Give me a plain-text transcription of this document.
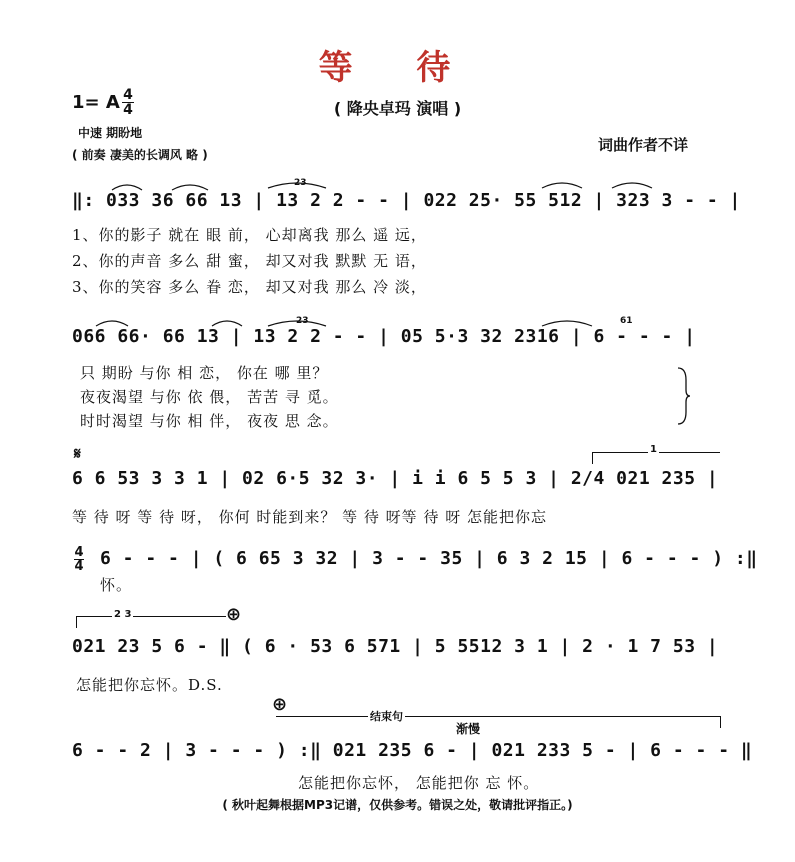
等 待
( 降央卓玛 演唱 )
1= A 4
4
中速 期盼地
( 前奏 凄美的长调风 略 )
词曲作者不详
23
‖: 033 36 66 13 | 13 2 2 - - | 022 25· 55 512 | 323 3 - - |
1、你的影子 就在 眼 前， 心却离我 那么 遥 远，
2、你的声音 多么 甜 蜜， 却又对我 默默 无 语，
3、你的笑容 多么 眷 恋， 却又对我 那么 冷 淡，
23	61
066 66· 66 13 | 13 2 2 - - | 05 5·3 32 2316 | 6 - - - |
只 期盼 与你 相 恋， 你在 哪 里？
夜夜渴望 与你 依 偎， 苦苦 寻 觅。
时时渴望 与你 相 伴， 夜夜 思 念。
𝄋	1
6 6 53 3 3 1 | 02 6·5 32 3· | i i 6 5 5 3 | 2/4 021 235 |
等 待 呀 等 待 呀， 你何 时能到来？ 等 待 呀等 待 呀 怎能把你忘
4

4 6 - - - | ( 6 65 3 32 | 3 - - 35 | 6 3 2 15 | 6 - - - ) :‖
怀。
2 3	⊕
021 23 5 6 - ‖ ( 6 · 53 6 571 | 5 5512 3 1 | 2 · 1 7 53 |
怎能把你忘怀。D.S.
⊕
结束句
渐慢
6 - - 2 | 3 - - - ) :‖ 021 235 6 - | 021 233 5 - | 6 - - - ‖
怎能把你忘怀， 怎能把你 忘 怀。
( 秋叶起舞根据MP3记谱，仅供参考。错误之处，敬请批评指正。)
